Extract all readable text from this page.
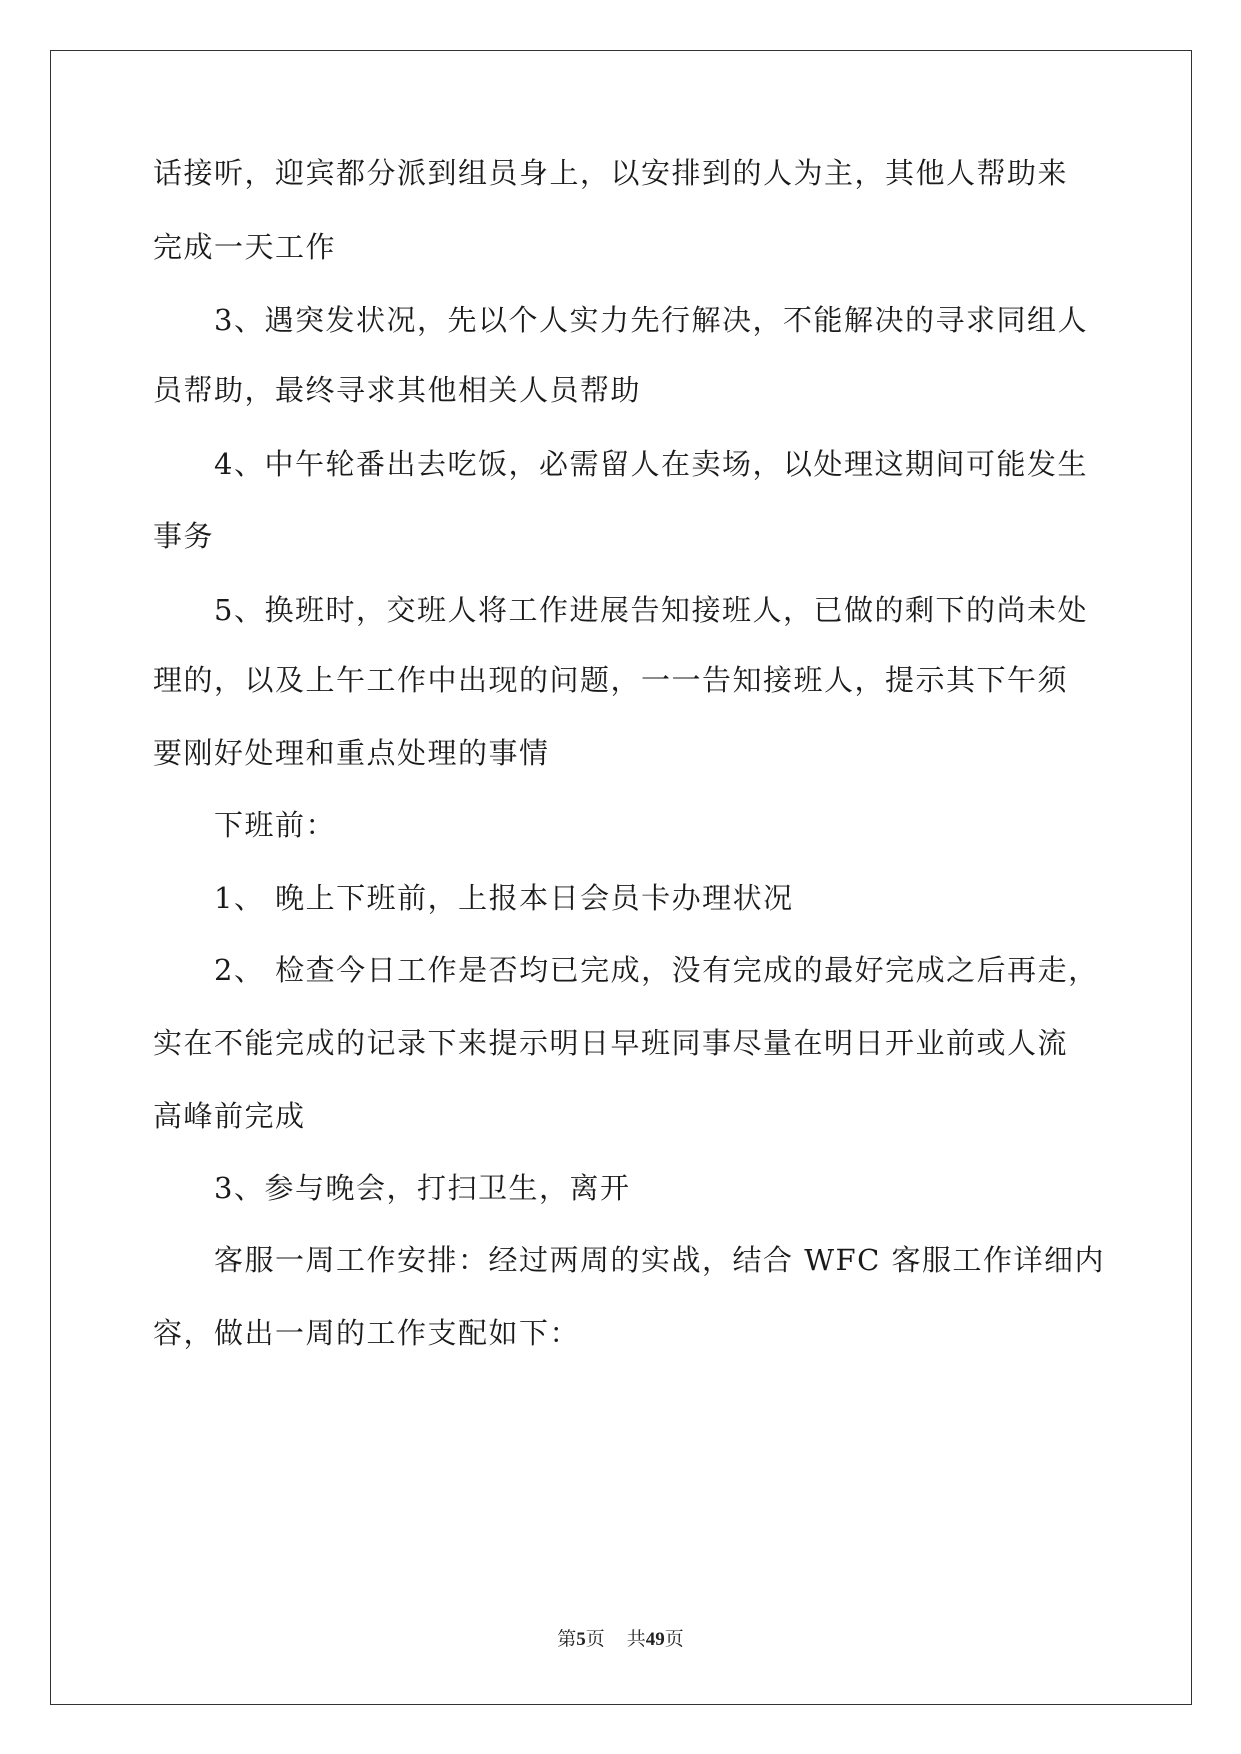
话接听，迎宾都分派到组员身上，以安排到的人为主，其他人帮助来
完成一天工作
3、遇突发状况，先以个人实力先行解决，不能解决的寻求同组人
员帮助，最终寻求其他相关人员帮助
4、中午轮番出去吃饭，必需留人在卖场，以处理这期间可能发生
事务
5、换班时，交班人将工作进展告知接班人，已做的剩下的尚未处
理的，以及上午工作中出现的问题，一一告知接班人，提示其下午须
要刚好处理和重点处理的事情
下班前：
1、 晚上下班前，上报本日会员卡办理状况
2、 检查今日工作是否均已完成，没有完成的最好完成之后再走，
实在不能完成的记录下来提示明日早班同事尽量在明日开业前或人流
高峰前完成
3、参与晚会，打扫卫生，离开
客服一周工作安排：经过两周的实战，结合 WFC 客服工作详细内
容，做出一周的工作支配如下：
第5页 共49页
